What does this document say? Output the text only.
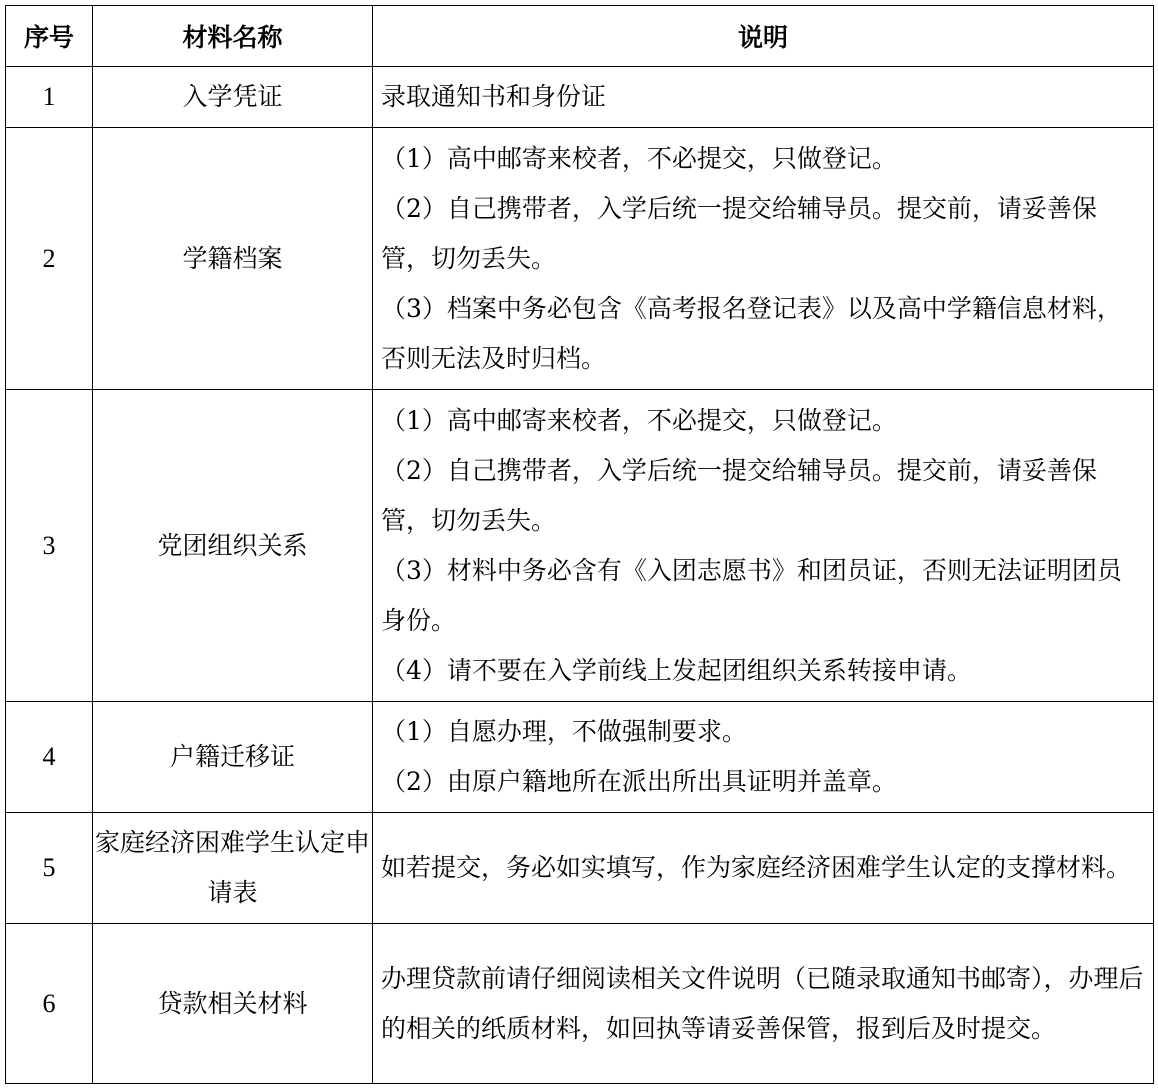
序号	材料名称	说明
1	入学凭证	录取通知书和身份证

2	学籍档案	（1）高中邮寄来校者，不必提交，只做登记。
（2）自己携带者，入学后统一提交给辅导员。提交前，请妥善保管，切勿丢失。
（3）档案中务必包含《高考报名登记表》以及高中学籍信息材料，否则无法及时归档。

3	党团组织关系	（1）高中邮寄来校者，不必提交，只做登记。
（2）自己携带者，入学后统一提交给辅导员。提交前，请妥善保管，切勿丢失。
（3）材料中务必含有《入团志愿书》和团员证，否则无法证明团员身份。
（4）请不要在入学前线上发起团组织关系转接申请。

4	户籍迁移证	（1）自愿办理，不做强制要求。
（2）由原户籍地所在派出所出具证明并盖章。

5	家庭经济困难学生认定申请表	如若提交，务必如实填写，作为家庭经济困难学生认定的支撑材料。

6	贷款相关材料	办理贷款前请仔细阅读相关文件说明（已随录取通知书邮寄），办理后的相关的纸质材料，如回执等请妥善保管，报到后及时提交。
